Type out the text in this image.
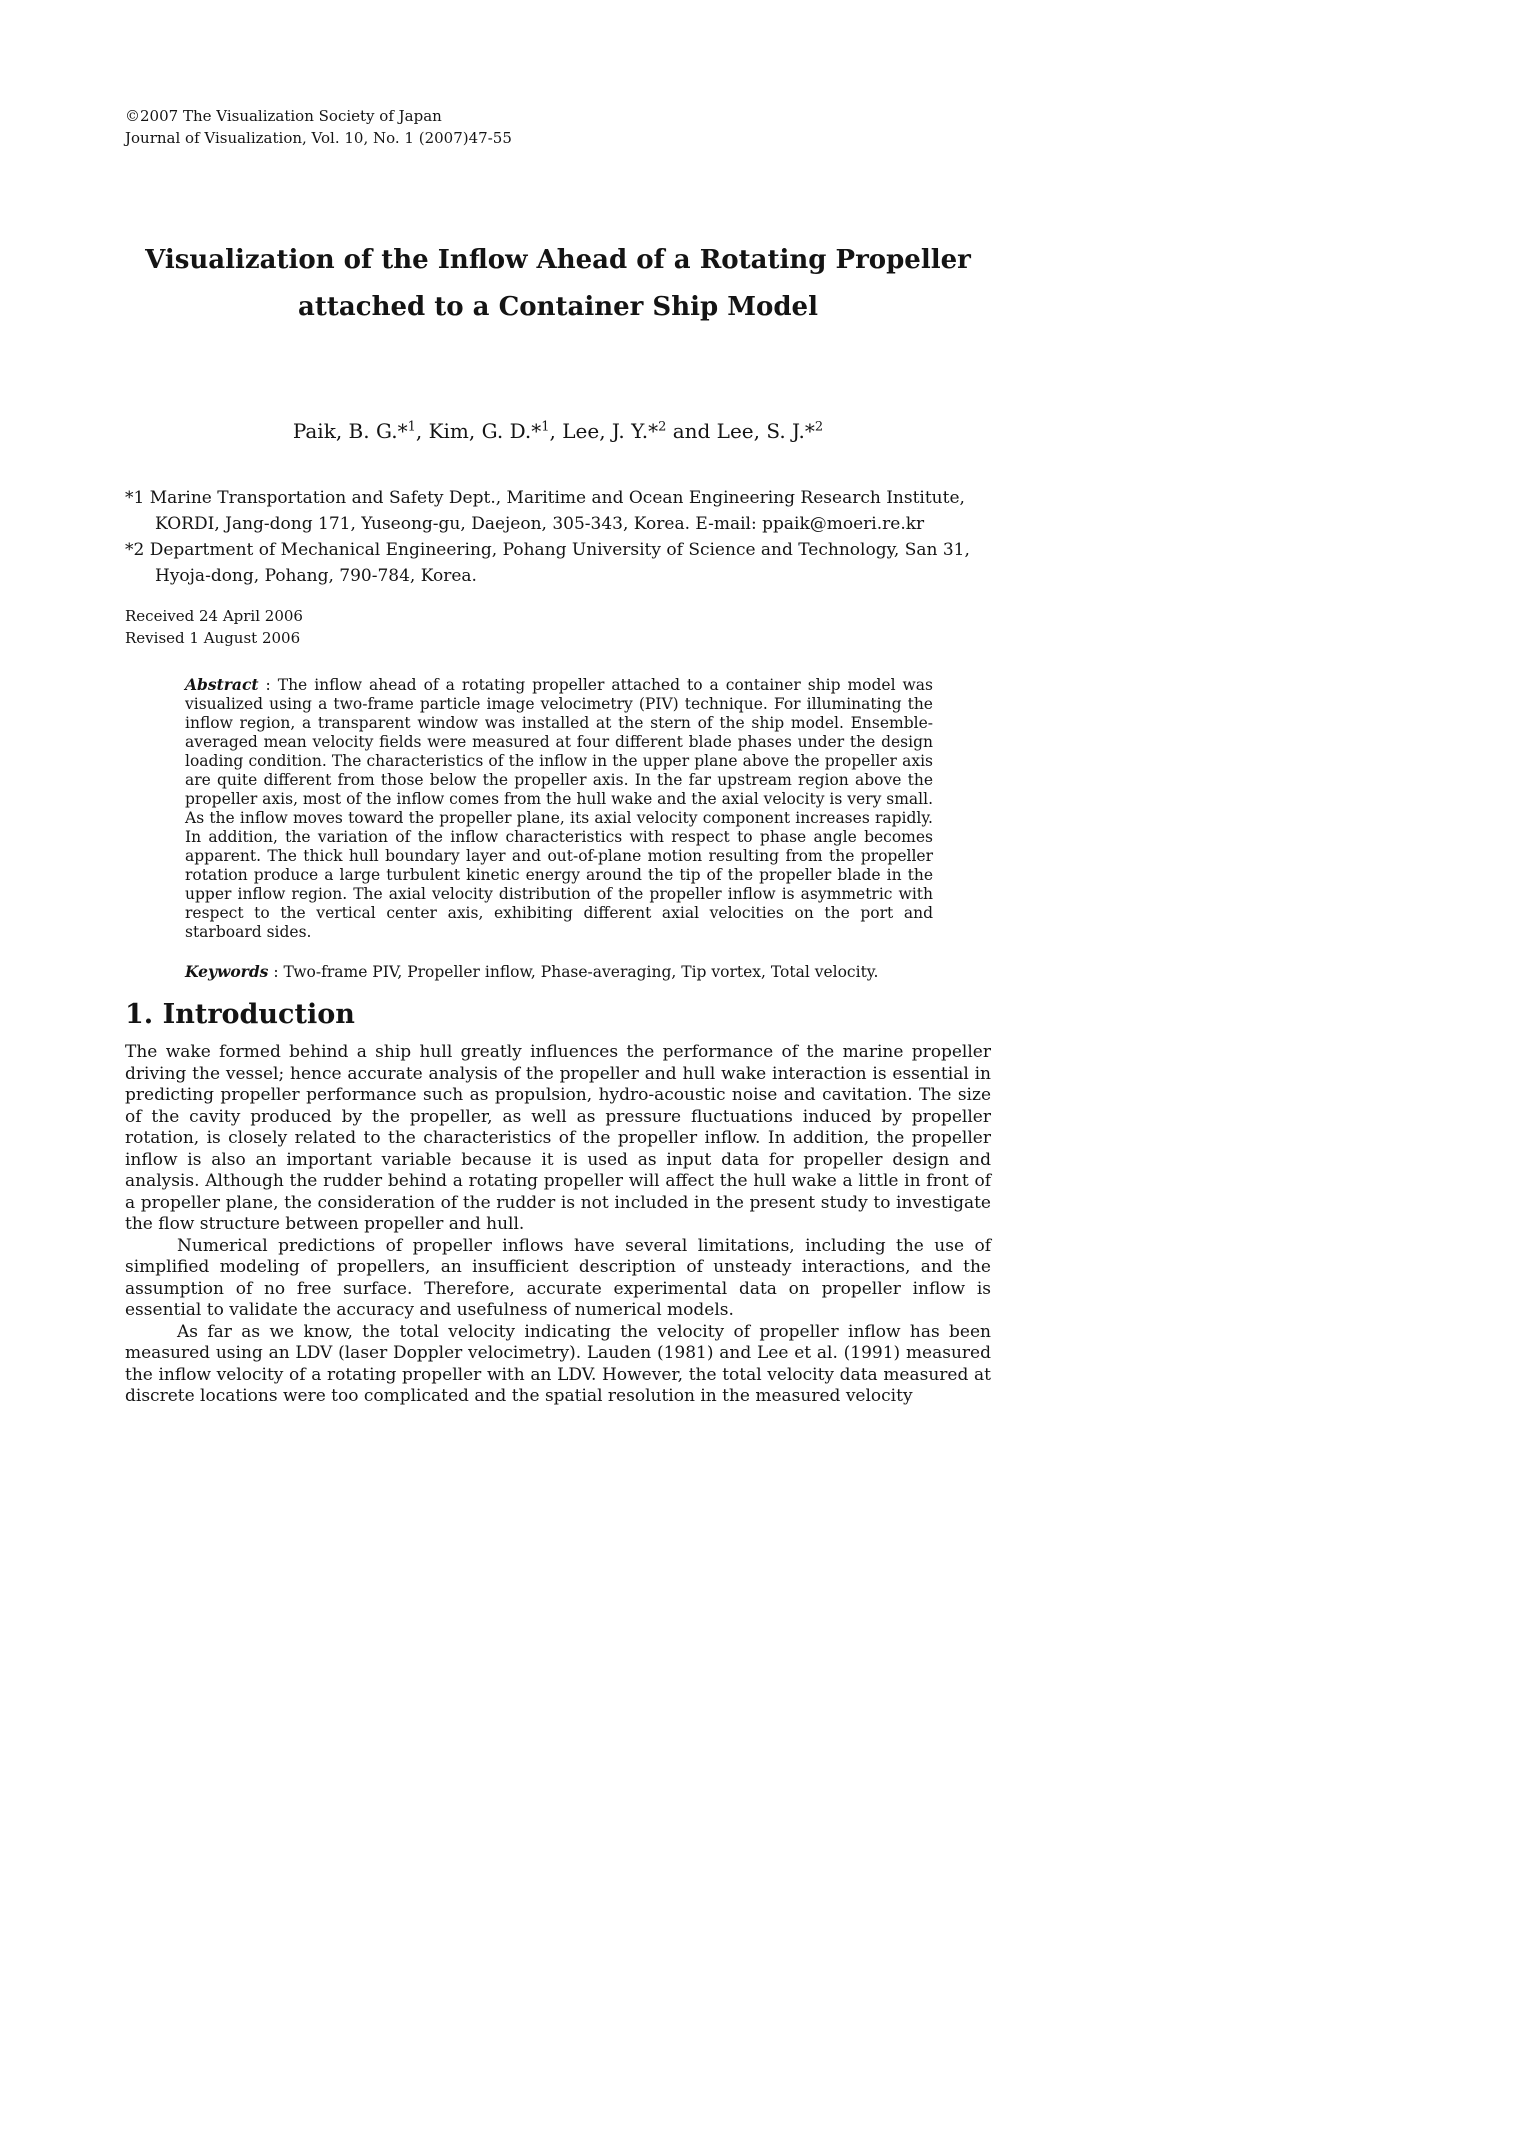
©2007 The Visualization Society of Japan
Journal of Visualization, Vol. 10, No. 1 (2007)47-55
Visualization of the Inflow Ahead of a Rotating Propeller
attached to a Container Ship Model
Paik, B. G.*$^1$, Kim, G. D.*$^1$, Lee, J. Y.*$^2$ and Lee, S. J.*$^2$

*1 Marine Transportation and Safety Dept., Maritime and Ocean Engineering Research Institute, KORDI, Jang-dong 171, Yuseong-gu, Daejeon, 305-343, Korea. E-mail: ppaik@moeri.re.kr

*2 Department of Mechanical Engineering, Pohang University of Science and Technology, San 31, Hyoja-dong, Pohang, 790-784, Korea.

Received 24 April 2006
Revised 1 August 2006

Abstract : The inflow ahead of a rotating propeller attached to a container ship model was visualized using a two-frame particle image velocimetry (PIV) technique. For illuminating the inflow region, a transparent window was installed at the stern of the ship model. Ensemble-averaged mean velocity fields were measured at four different blade phases under the design loading condition. The characteristics of the inflow in the upper plane above the propeller axis are quite different from those below the propeller axis. In the far upstream region above the propeller axis, most of the inflow comes from the hull wake and the axial velocity is very small. As the inflow moves toward the propeller plane, its axial velocity component increases rapidly. In addition, the variation of the inflow characteristics with respect to phase angle becomes apparent. The thick hull boundary layer and out-of-plane motion resulting from the propeller rotation produce a large turbulent kinetic energy around the tip of the propeller blade in the upper inflow region. The axial velocity distribution of the propeller inflow is asymmetric with respect to the vertical center axis, exhibiting different axial velocities on the port and starboard sides.

Keywords : Two-frame PIV, Propeller inflow, Phase-averaging, Tip vortex, Total velocity.

1. Introduction

The wake formed behind a ship hull greatly influences the performance of the marine propeller driving the vessel; hence accurate analysis of the propeller and hull wake interaction is essential in predicting propeller performance such as propulsion, hydro-acoustic noise and cavitation. The size of the cavity produced by the propeller, as well as pressure fluctuations induced by propeller rotation, is closely related to the characteristics of the propeller inflow. In addition, the propeller inflow is also an important variable because it is used as input data for propeller design and analysis. Although the rudder behind a rotating propeller will affect the hull wake a little in front of a propeller plane, the consideration of the rudder is not included in the present study to investigate the flow structure between propeller and hull.

Numerical predictions of propeller inflows have several limitations, including the use of simplified modeling of propellers, an insufficient description of unsteady interactions, and the assumption of no free surface. Therefore, accurate experimental data on propeller inflow is essential to validate the accuracy and usefulness of numerical models.

As far as we know, the total velocity indicating the velocity of propeller inflow has been measured using an LDV (laser Doppler velocimetry). Lauden (1981) and Lee et al. (1991) measured the inflow velocity of a rotating propeller with an LDV. However, the total velocity data measured at discrete locations were too complicated and the spatial resolution in the measured velocity
